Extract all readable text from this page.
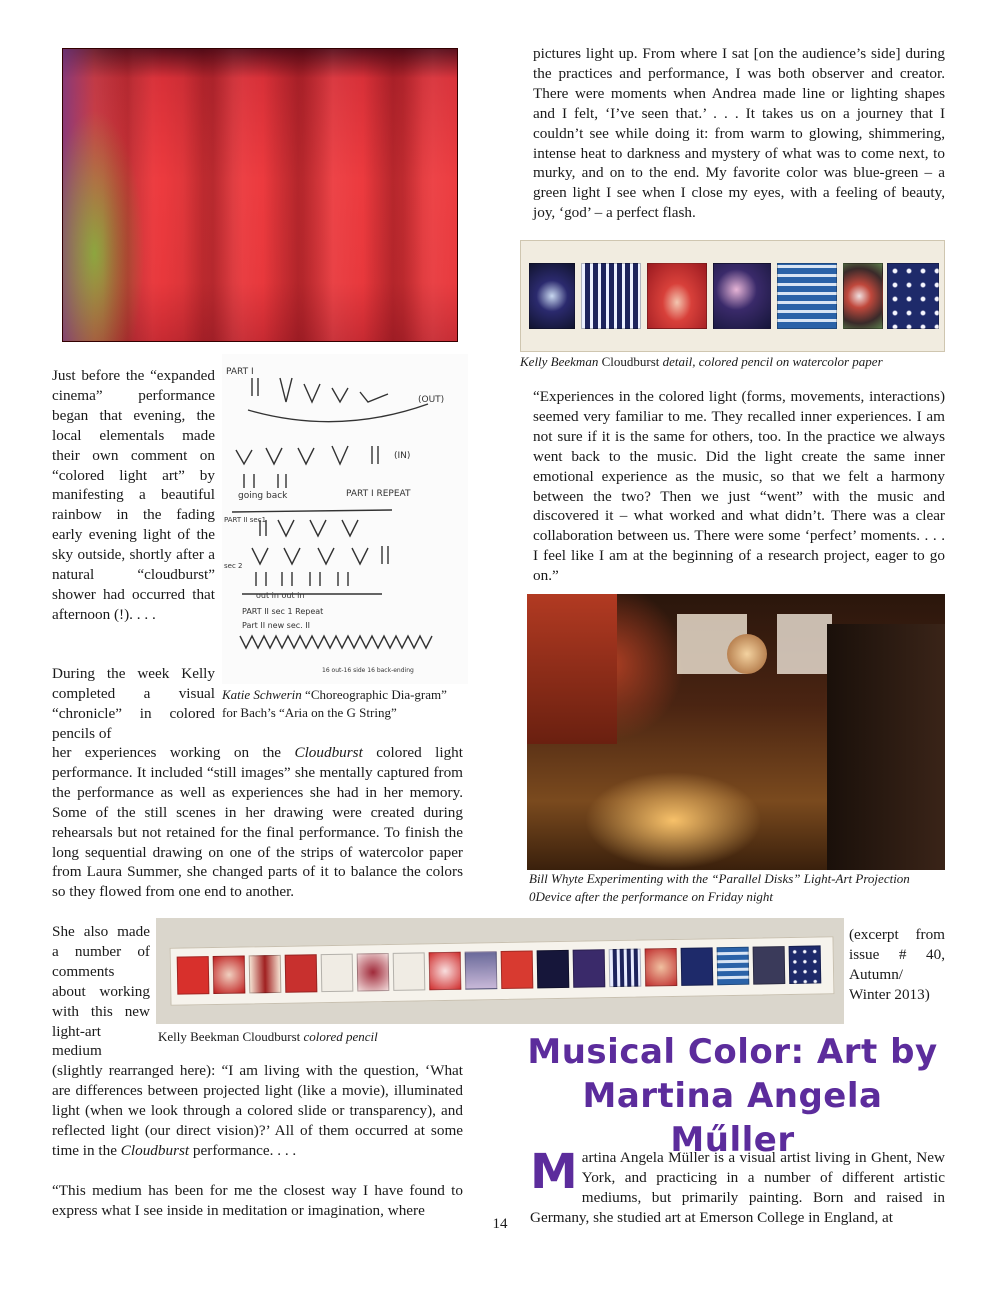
pictures light up. From where I sat [on the audience’s side] during the practices and performance, I was both observer and creator. There were moments when Andrea made line or lighting shapes and I felt, ‘I’ve seen that.’ . . . It takes us on a journey that I couldn’t see while doing it: from warm to glowing, shimmering, intense heat to darkness and mystery of what was to come next, to murky, and on to the end. My favorite color was blue-green – a green light I see when I close my eyes, with a feeling of beauty, joy, ‘god’ – a perfect flash.
Kelly Beekman Cloudburst detail, colored pencil on watercolor paper
Just before the “expanded cinema” performance began that evening, the local elementals made their own comment on “colored light art” by manifesting a beautiful rainbow in the fading early evening light of the sky outside, shortly after a natural “cloudburst” shower had occurred that afternoon (!). . . .
PART I
(OUT)
(IN)
PART I REPEAT
going back
PART II sec1
sec 2
out in out in
PART II sec 1 Repeat
Part II new sec. II
16 out-16 side 16 back-ending
Katie Schwerin “Choreographic Dia-gram” for Bach’s “Aria on the G String”
During the week Kelly completed a visual “chronicle” in colored pencils of
her experiences working on the Cloudburst colored light performance. It included “still images” she mentally captured from the performance as well as experiences she had in her memory. Some of the still scenes in her drawing were created during rehearsals but not retained for the final performance. To finish the long sequential drawing on one of the strips of watercolor paper from Laura Summer, she changed parts of it to balance the colors so they flowed from one end to another.
“Experiences in the colored light (forms, movements, interactions) seemed very familiar to me. They recalled inner experiences. I am not sure if it is the same for others, too. In the practice we always went back to the music. Did the light create the same inner emotional experience as the music, so that we felt a harmony between the two? Then we just “went” with the music and discovered it – what worked and what didn’t. There was a clear collaboration between us. There were some ‘perfect’ moments. . . . I feel like I am at the beginning of a research project, eager to go on.”
Bill Whyte Experimenting with the “Parallel Disks” Light-Art Projection 0Device after the performance on Friday night
Kelly Beekman Cloudburst colored pencil
She also made a number of comments about working with this new light-art medium
(slightly rearranged here): “I am living with the question, ‘What are differences between projected light (like a movie), illuminated light (when we look through a colored slide or transparency), and reflected light (our direct vision)?’ All of them occurred at some time in the Cloudburst performance. . . .
“This medium has been for me the closest way I have found to express what I see inside in meditation or imagination, where
(excerpt from issue # 40, Autumn/ Winter 2013)
Musical Color: Art by
Martina Angela Műller
Martina Angela Müller is a visual artist living in Ghent, New York, and practicing in a number of different artistic mediums, but primarily painting. Born and raised in Germany, she studied art at Emerson College in England, at
14
